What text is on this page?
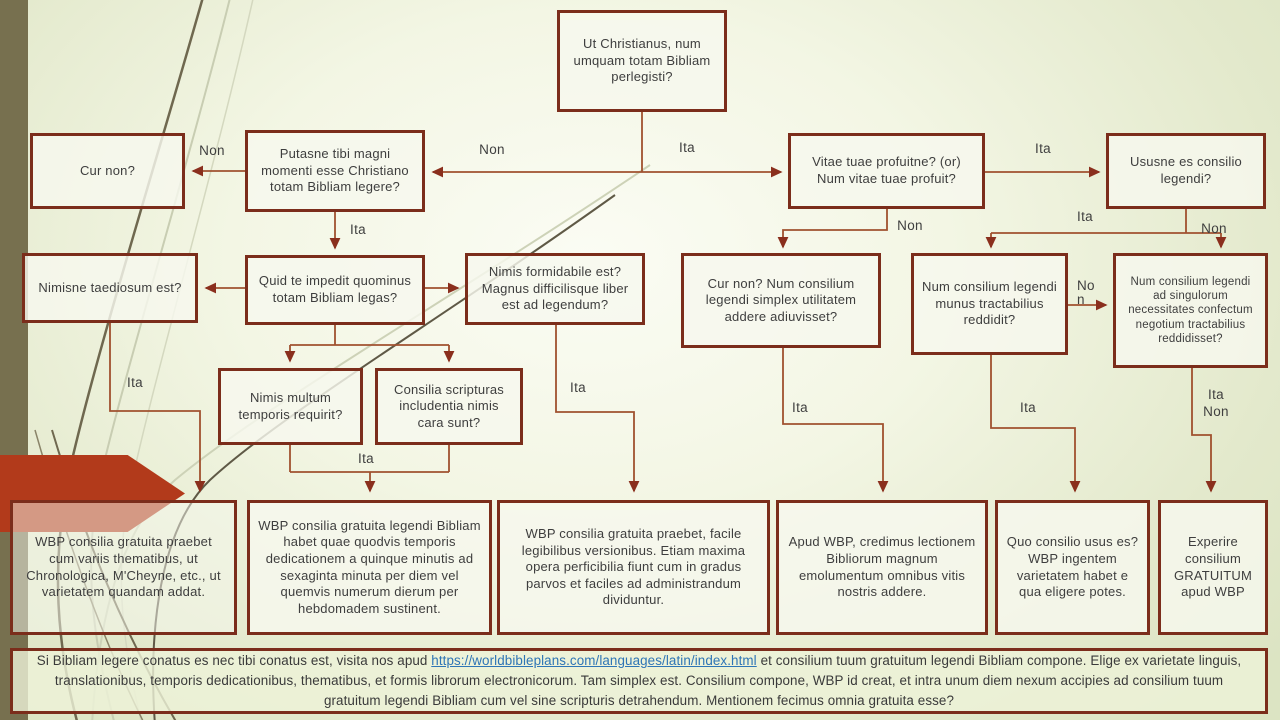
Ut Christianus, num umquam totam Bibliam perlegisti?
Cur non?
Putasne tibi magni momenti esse Christiano totam Bibliam legere?
Vitae tuae profuitne? (or) Num vitae tuae profuit?
Ususne es consilio legendi?
Nimisne taediosum est?	Quid te impedit quominus totam Bibliam legas?
Nimis formidabile est? Magnus difficilisque liber est ad legendum?
Cur non? Num consilium legendi simplex utilitatem addere adiuvisset?
Num consilium legendi munus tractabilius reddidit?
Num consilium legendi ad singulorum necessitates confectum negotium tractabilius reddidisset?
Nimis multum temporis requirit?
Consilia scripturas includentia nimis cara sunt?
WBP consilia gratuita praebet cum variis thematibus, ut Chronologica, M'Cheyne, etc., ut varietatem quandam addat.
WBP consilia gratuita legendi Bibliam habet quae quodvis temporis dedicationem a quinque minutis ad sexaginta minuta per diem vel quemvis numerum dierum per hebdomadem sustinent.
WBP consilia gratuita praebet, facile legibilibus versionibus. Etiam maxima opera perficibilia fiunt cum in gradus parvos et faciles ad administrandum dividuntur.
Apud WBP, credimus lectionem Bibliorum magnum emolumentum omnibus vitis nostris addere.
Quo consilio usus es? WBP ingentem varietatem habet e qua eligere potes.
Experire consilium GRATUITUM apud WBP
Non	Ita
Non
Ita
Ita
Ita
Ita
Ita
Non
Ita
Non
No n
Ita	Ita
Ita
Non

Si Bibliam legere conatus es nec tibi conatus est, visita nos apud https://worldbibleplans.com/languages/latin/index.html et consilium tuum gratuitum legendi Bibliam compone. Elige ex varietate linguis, translationibus, temporis dedicationibus, thematibus, et formis librorum electronicorum. Tam simplex est. Consilium compone, WBP id creat, et intra unum diem nexum accipies ad consilium tuum gratuitum legendi Bibliam cum vel sine scripturis detrahendum. Mentionem fecimus omnia gratuita esse?
